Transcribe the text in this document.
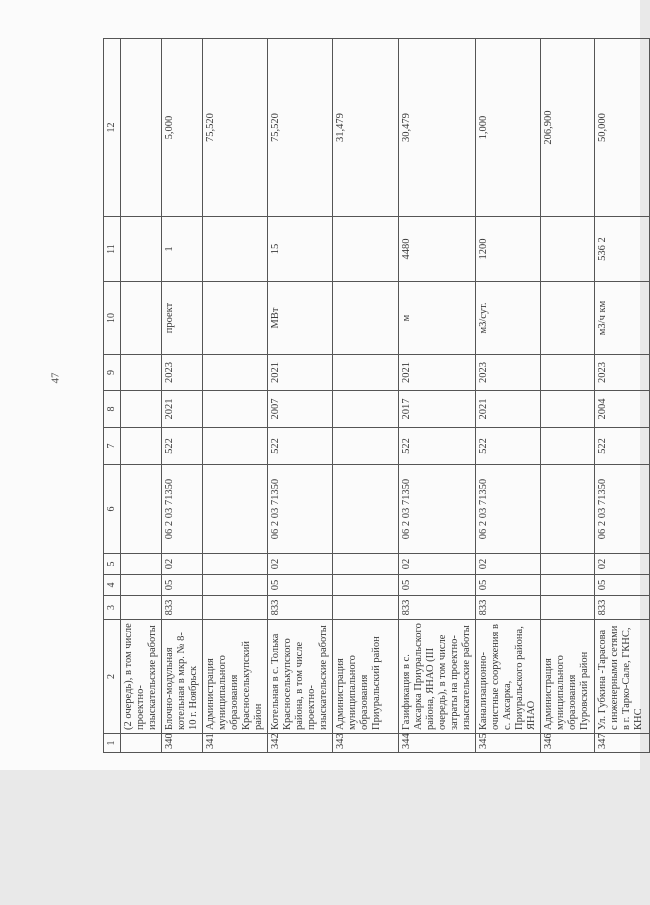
47
1	2	3	4	5	6	7	8	9	10	11	12
	(2 очередь), в том числе проектно-изыскательские работы										
340	Блочно-модульная котельная в мкр. № 8-10 г. Ноябрьск	833	05	02	06 2 03 71350	522	2021	2023	проект	1	5,000
341	Администрация муниципального образования Красноселькупский район										75,520
342	Котельная в с. Толька Красноселькупского района, в том числе проектно-изыскательские работы	833	05	02	06 2 03 71350	522	2007	2021	МВт	15	75,520
343	Администрация муниципального образования Приуральский район										31,479
344	Газификация в с. Аксарка Приуральского района, ЯНАО (III очередь), в том числе затраты на проектно-изыскательские работы	833	05	02	06 2 03 71350	522	2017	2021	м	4480	30,479
345	Канализационно-очистные сооружения в с. Аксарка, Приуральского района, ЯНАО	833	05	02	06 2 03 71350	522	2021	2023	м3/сут.	1200	1,000
346	Администрация муниципального образования Пуровский район										206,900
347	Ул. Губкина -Тарасова с инженерными сетями в г. Тарко-Сале, ГКНС, КНС	833	05	02	06 2 03 71350	522	2004	2023	м3/ч км	536 2	50,000
